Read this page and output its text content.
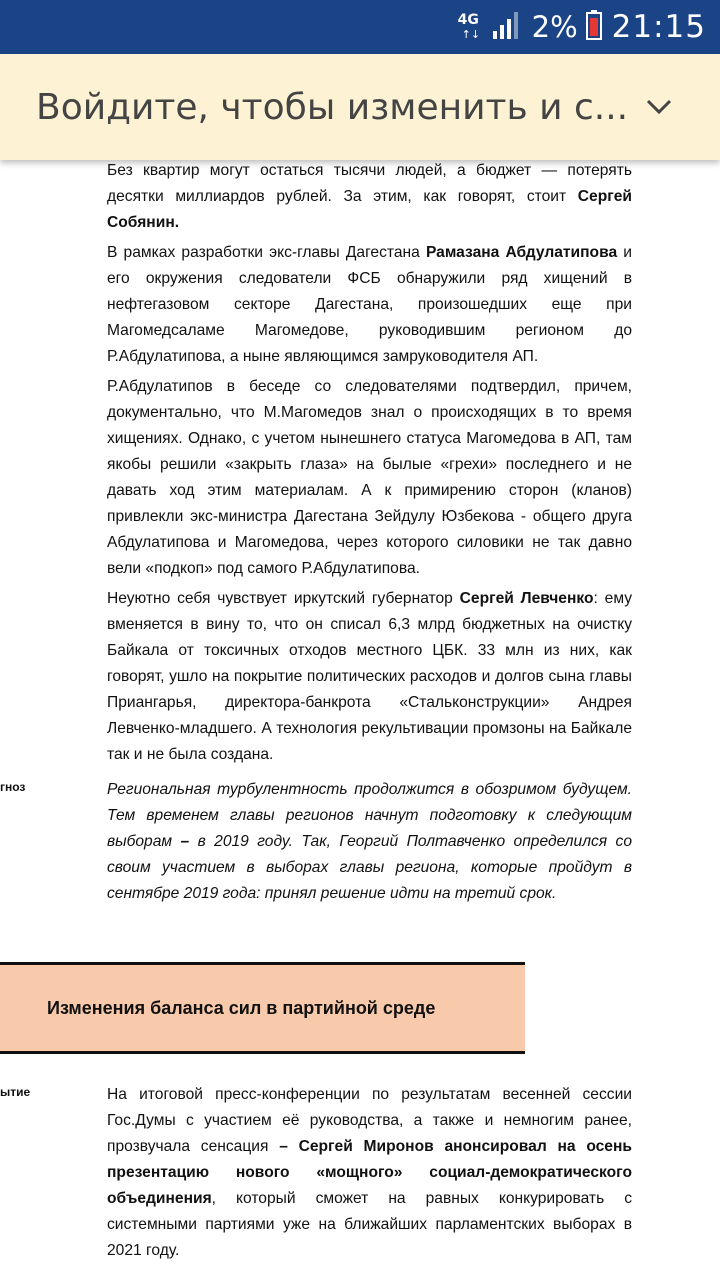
4G
↑↓ 2% 21:15
Войдите, чтобы изменить и с...

Без квартир могут остаться тысячи людей, а бюджет — потерять десятки миллиардов рублей. За этим, как говорят, стоит Сергей Собянин.

В рамках разработки экс-главы Дагестана Рамазана Абдулатипова и его окружения следователи ФСБ обнаружили ряд хищений в нефтегазовом секторе Дагестана, произошедших еще при Магомедсаламе Магомедове, руководившим регионом до Р.Абдулатипова, а ныне являющимся замруководителя АП.

Р.Абдулатипов в беседе со следователями подтвердил, причем, документально, что М.Магомедов знал о происходящих в то время хищениях. Однако, с учетом нынешнего статуса Магомедова в АП, там якобы решили «закрыть глаза» на былые «грехи» последнего и не давать ход этим материалам. А к примирению сторон (кланов) привлекли экс-министра Дагестана Зейдулу Юзбекова - общего друга Абдулатипова и Магомедова, через которого силовики не так давно вели «подкоп» под самого Р.Абдулатипова.

Неуютно себя чувствует иркутский губернатор Сергей Левченко: ему вменяется в вину то, что он списал 6,3 млрд бюджетных на очистку Байкала от токсичных отходов местного ЦБК. 33 млн из них, как говорят, ушло на покрытие политических расходов и долгов сына главы Приангарья, директора-банкрота «Стальконструкции» Андрея Левченко-младшего. А технология рекультивации промзоны на Байкале так и не была создана.

гноз	Региональная турбулентность продолжится в обозримом будущем. Тем временем главы регионов начнут подготовку к следующим выборам – в 2019 году. Так, Георгий Полтавченко определился со своим участием в выборах главы региона, которые пройдут в сентябре 2019 года: принял решение идти на третий срок.

Изменения баланса сил в партийной среде
ытие	На итоговой пресс-конференции по результатам весенней сессии Гос.Думы с участием её руководства, а также и немногим ранее, прозвучала сенсация – Сергей Миронов анонсировал на осень презентацию нового «мощного» социал-демократического объединения, который сможет на равных конкурировать с системными партиями уже на ближайших парламентских выборах в 2021 году.
